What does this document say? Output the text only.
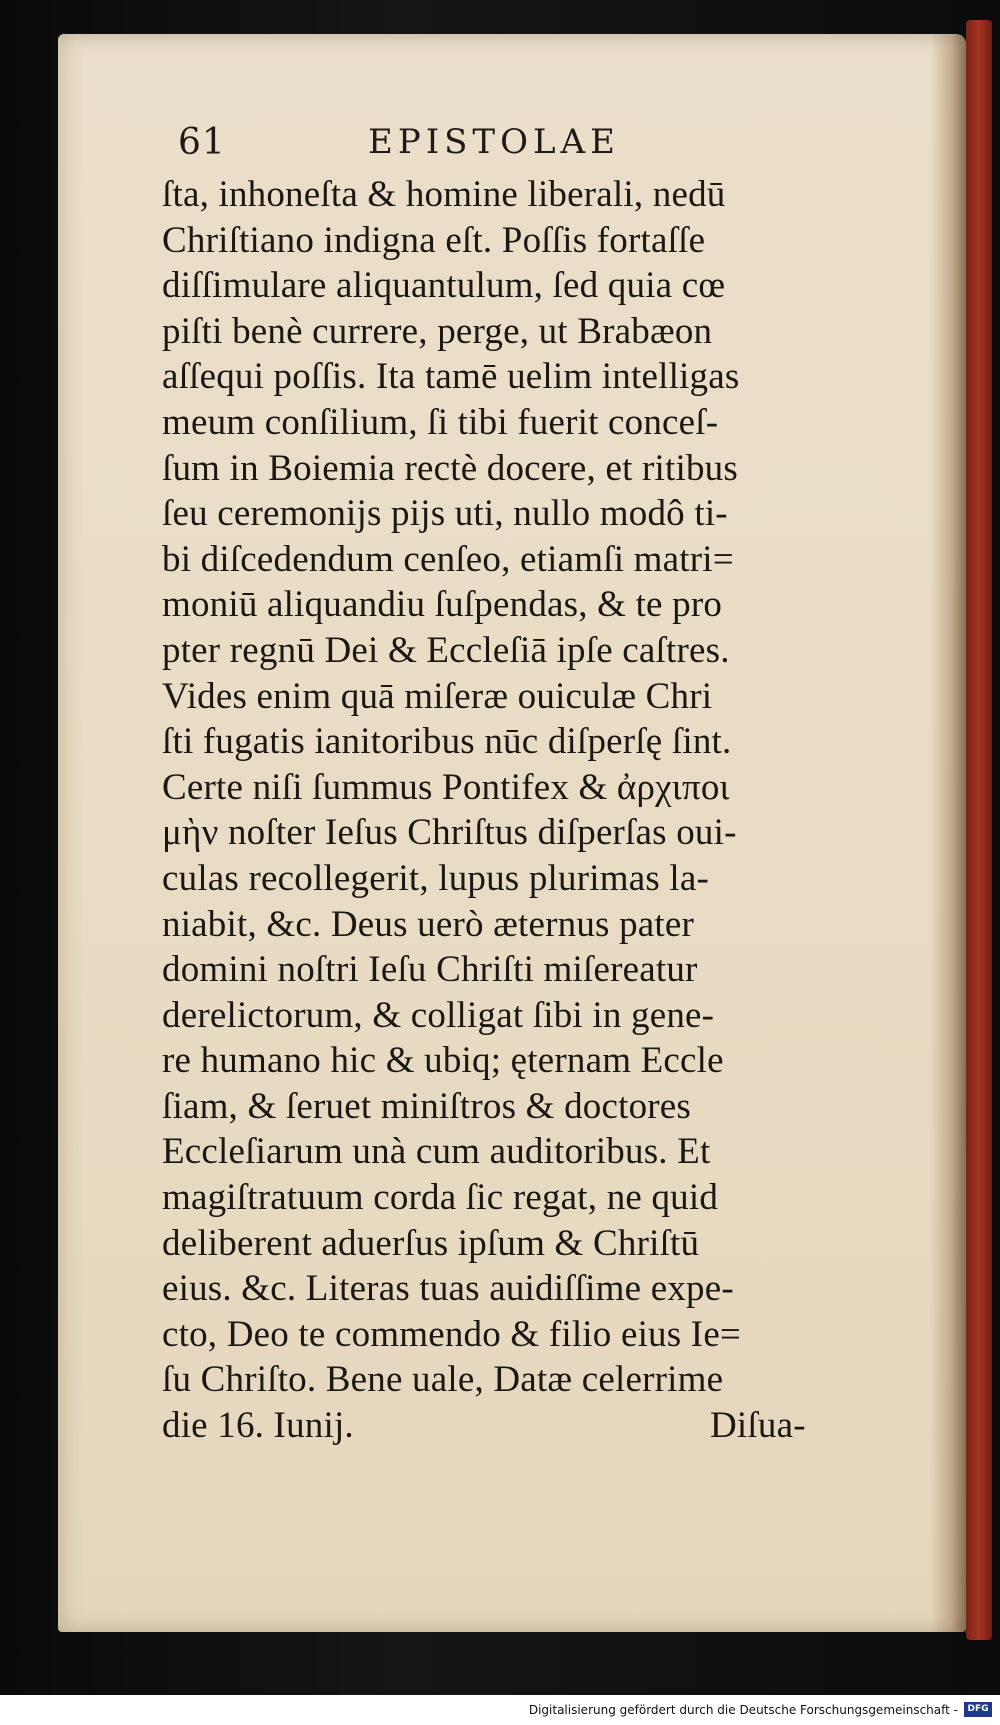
61	EPISTOLAE
ſta, inhoneſta & homine liberali, nedū
Chriſtiano indigna eſt. Poſſis fortaſſe
diſſimulare aliquantulum, ſed quia cœ
piſti benè currere, perge, ut Brabæon
aſſequi poſſis. Ita tamē uelim intelligas
meum conſilium, ſi tibi fuerit conceſ-
ſum in Boiemia rectè docere, et ritibus
ſeu ceremonijs pijs uti, nullo modô ti-
bi diſcedendum cenſeo, etiamſi matri=
moniū aliquandiu ſuſpendas, & te pro
pter regnū Dei & Eccleſiā ipſe caſtres.
Vides enim quā miſeræ ouiculæ Chri
ſti fugatis ianitoribus nūc diſperſę ſint.
Certe niſi ſummus Pontifex & ἀρχιποι
μὴν noſter Ieſus Chriſtus diſperſas oui-
culas recollegerit, lupus plurimas la-
niabit, &c. Deus uerò æternus pater
domini noſtri Ieſu Chriſti miſereatur
derelictorum, & colligat ſibi in gene-
re humano hic & ubiq; ęternam Eccle
ſiam, & ſeruet miniſtros & doctores
Eccleſiarum unà cum auditoribus. Et
magiſtratuum corda ſic regat, ne quid
deliberent aduerſus ipſum & Chriſtū
eius. &c. Literas tuas auidiſſime expe-
cto, Deo te commendo & filio eius Ie=
ſu Chriſto. Bene uale, Datæ celerrime
die 16. Iunij.	Diſua-
Digitalisierung gefördert durch die Deutsche Forschungsgemeinschaft -	DFG
